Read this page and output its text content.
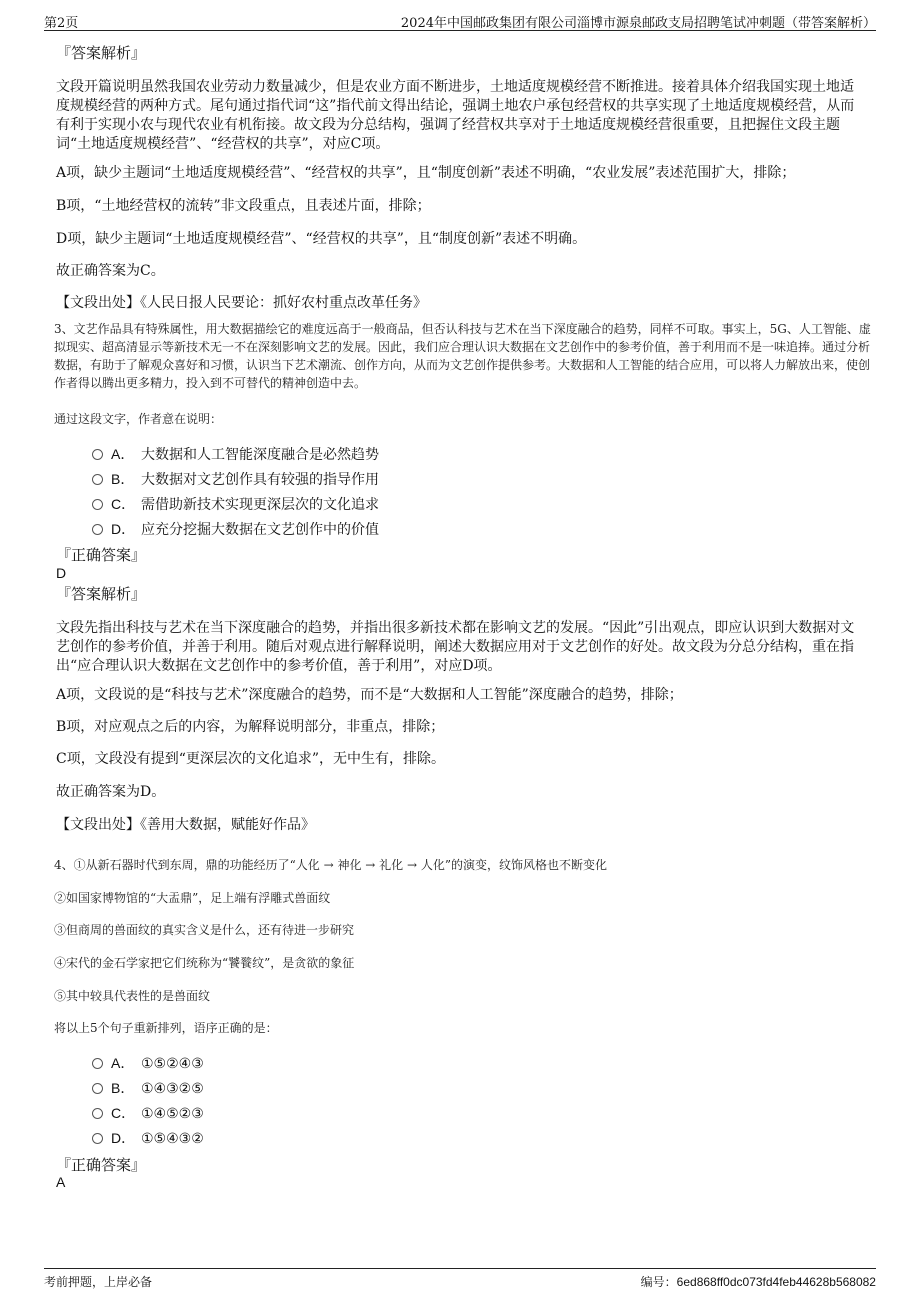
第2页	2024年中国邮政集团有限公司淄博市源泉邮政支局招聘笔试冲刺题（带答案解析）

『答案解析』

文段开篇说明虽然我国农业劳动力数量减少，但是农业方面不断进步，土地适度规模经营不断推进。接着具体介绍我国实现土地适度规模经营的两种方式。尾句通过指代词“这”指代前文得出结论，强调土地农户承包经营权的共享实现了土地适度规模经营，从而有利于实现小农与现代农业有机衔接。故文段为分总结构，强调了经营权共享对于土地适度规模经营很重要，且把握住文段主题词“土地适度规模经营”、“经营权的共享”，对应C项。

A项，缺少主题词“土地适度规模经营”、“经营权的共享”，且“制度创新”表述不明确，“农业发展”表述范围扩大，排除；

B项，“土地经营权的流转”非文段重点，且表述片面，排除；

D项，缺少主题词“土地适度规模经营”、“经营权的共享”，且“制度创新”表述不明确。

故正确答案为C。

【文段出处】《人民日报人民要论：抓好农村重点改革任务》

3、文艺作品具有特殊属性，用大数据描绘它的难度远高于一般商品，但否认科技与艺术在当下深度融合的趋势，同样不可取。事实上，5G、人工智能、虚拟现实、超高清显示等新技术无一不在深刻影响文艺的发展。因此，我们应合理认识大数据在文艺创作中的参考价值，善于利用而不是一味追捧。通过分析数据，有助于了解观众喜好和习惯，认识当下艺术潮流、创作方向，从而为文艺创作提供参考。大数据和人工智能的结合应用，可以将人力解放出来，使创作者得以腾出更多精力，投入到不可替代的精神创造中去。

通过这段文字，作者意在说明：

A． 大数据和人工智能深度融合是必然趋势
B． 大数据对文艺创作具有较强的指导作用
C． 需借助新技术实现更深层次的文化追求
D． 应充分挖掘大数据在文艺创作中的价值

『正确答案』

D

『答案解析』

文段先指出科技与艺术在当下深度融合的趋势，并指出很多新技术都在影响文艺的发展。“因此”引出观点，即应认识到大数据对文艺创作的参考价值，并善于利用。随后对观点进行解释说明，阐述大数据应用对于文艺创作的好处。故文段为分总分结构，重在指出“应合理认识大数据在文艺创作中的参考价值，善于利用”，对应D项。

A项，文段说的是“科技与艺术”深度融合的趋势，而不是“大数据和人工智能”深度融合的趋势，排除；

B项，对应观点之后的内容，为解释说明部分，非重点，排除；

C项，文段没有提到“更深层次的文化追求”，无中生有，排除。

故正确答案为D。

【文段出处】《善用大数据，赋能好作品》

4、①从新石器时代到东周，鼎的功能经历了“人化 → 神化 → 礼化 → 人化”的演变，纹饰风格也不断变化

②如国家博物馆的“大盂鼎”，足上端有浮雕式兽面纹

③但商周的兽面纹的真实含义是什么，还有待进一步研究

④宋代的金石学家把它们统称为“饕餮纹”，是贪欲的象征

⑤其中较具代表性的是兽面纹

将以上5个句子重新排列，语序正确的是：

A． ①⑤②④③
B． ①④③②⑤
C． ①④⑤②③
D． ①⑤④③②

『正确答案』

A
考前押题，上岸必备	编号：6ed868ff0dc073fd4feb44628b568082
